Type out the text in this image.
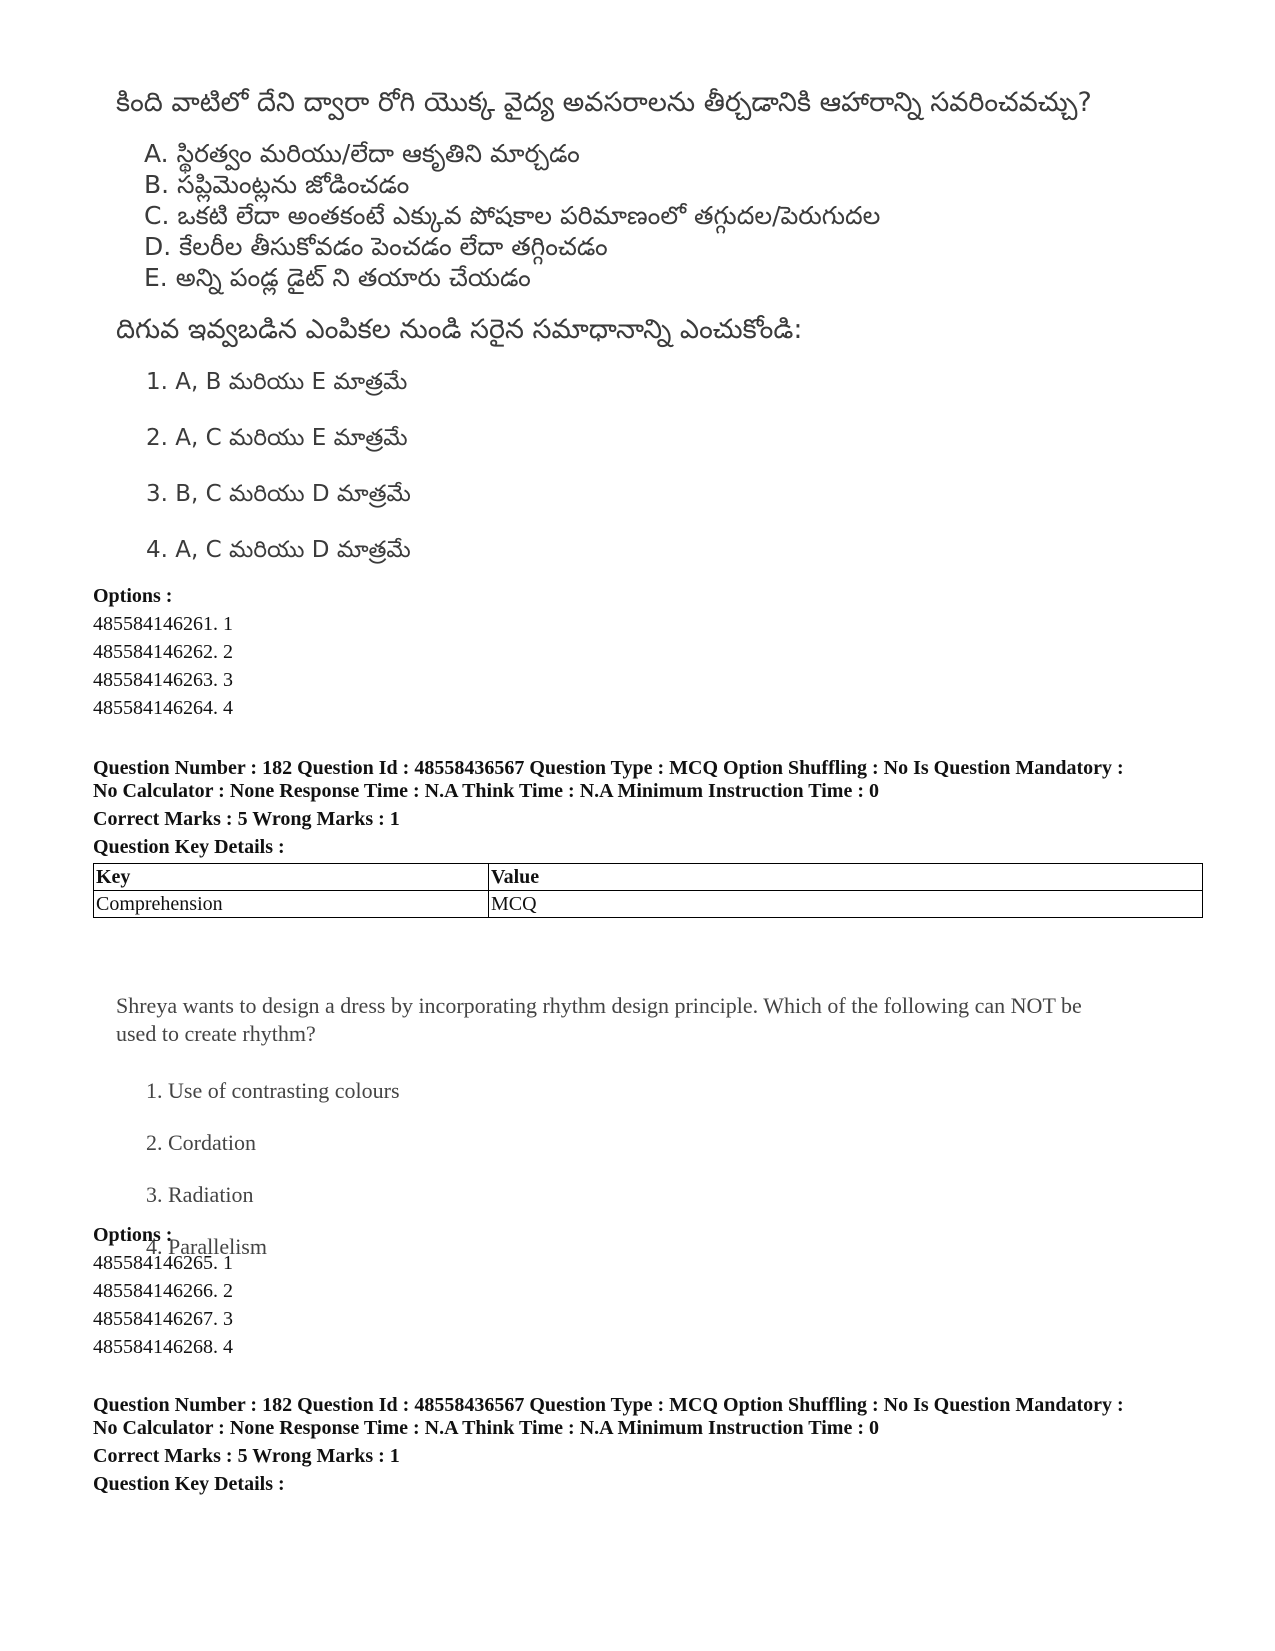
కింది వాటిలో దేని ద్వారా రోగి యొక్క వైద్య అవసరాలను తీర్చడానికి ఆహారాన్ని సవరించవచ్చు?
A. స్థిరత్వం మరియు/లేదా ఆకృతిని మార్చడం
B. సప్లిమెంట్లను జోడించడం
C. ఒకటి లేదా అంతకంటే ఎక్కువ పోషకాల పరిమాణంలో తగ్గుదల/పెరుగుదల
D. కేలరీల తీసుకోవడం పెంచడం లేదా తగ్గించడం
E. అన్ని పండ్ల డైట్ ని తయారు చేయడం
దిగువ ఇవ్వబడిన ఎంపికల నుండి సరైన సమాధానాన్ని ఎంచుకోండి:
1. A, B మరియు E మాత్రమే
2. A, C మరియు E మాత్రమే
3. B, C మరియు D మాత్రమే
4. A, C మరియు D మాత్రమే
Options :
485584146261. 1
485584146262. 2
485584146263. 3
485584146264. 4
Question Number : 182 Question Id : 48558436567 Question Type : MCQ Option Shuffling : No Is Question Mandatory :
No Calculator : None Response Time : N.A Think Time : N.A Minimum Instruction Time : 0
Correct Marks : 5 Wrong Marks : 1
Question Key Details :
Key	Value
Comprehension	MCQ
Shreya wants to design a dress by incorporating rhythm design principle. Which of the following can NOT be used to create rhythm?
1. Use of contrasting colours
2. Cordation
3. Radiation
4. Parallelism
Options :
485584146265. 1
485584146266. 2
485584146267. 3
485584146268. 4
Question Number : 182 Question Id : 48558436567 Question Type : MCQ Option Shuffling : No Is Question Mandatory :
No Calculator : None Response Time : N.A Think Time : N.A Minimum Instruction Time : 0
Correct Marks : 5 Wrong Marks : 1
Question Key Details :
